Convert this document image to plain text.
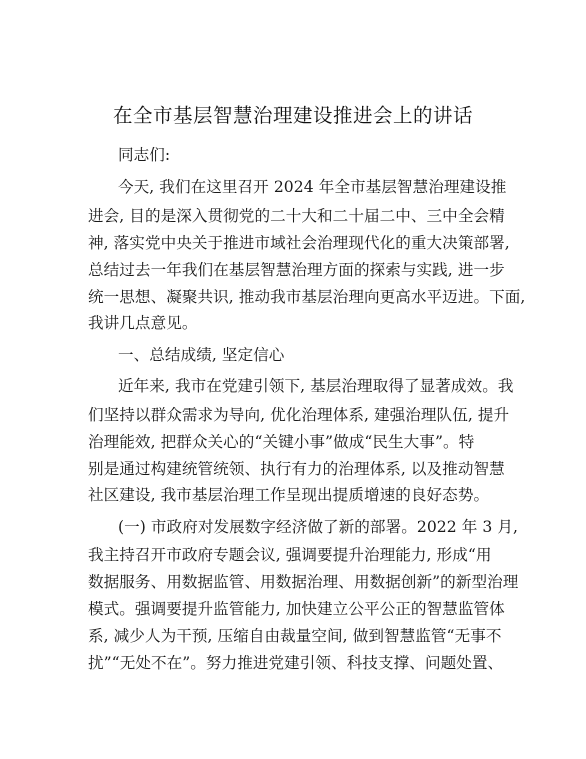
在全市基层智慧治理建设推进会上的讲话
同志们:
今天, 我们在这里召开 2024 年全市基层智慧治理建设推
进会, 目的是深入贯彻党的二十大和二十届二中、三中全会精
神, 落实党中央关于推进市域社会治理现代化的重大决策部署,
总结过去一年我们在基层智慧治理方面的探索与实践, 进一步
统一思想、凝聚共识, 推动我市基层治理向更高水平迈进。下面,
我讲几点意见。
一、总结成绩, 坚定信心
近年来, 我市在党建引领下, 基层治理取得了显著成效。我
们坚持以群众需求为导向, 优化治理体系, 建强治理队伍, 提升
治理能效, 把群众关心的“关键小事”做成“民生大事”。特
别是通过构建统管统领、执行有力的治理体系, 以及推动智慧
社区建设, 我市基层治理工作呈现出提质增速的良好态势。
(一) 市政府对发展数字经济做了新的部署。2022 年 3 月,
我主持召开市政府专题会议, 强调要提升治理能力, 形成“用
数据服务、用数据监管、用数据治理、用数据创新”的新型治理
模式。强调要提升监管能力, 加快建立公平公正的智慧监管体
系, 减少人为干预, 压缩自由裁量空间, 做到智慧监管“无事不
扰”“无处不在”。努力推进党建引领、科技支撑、问题处置、
